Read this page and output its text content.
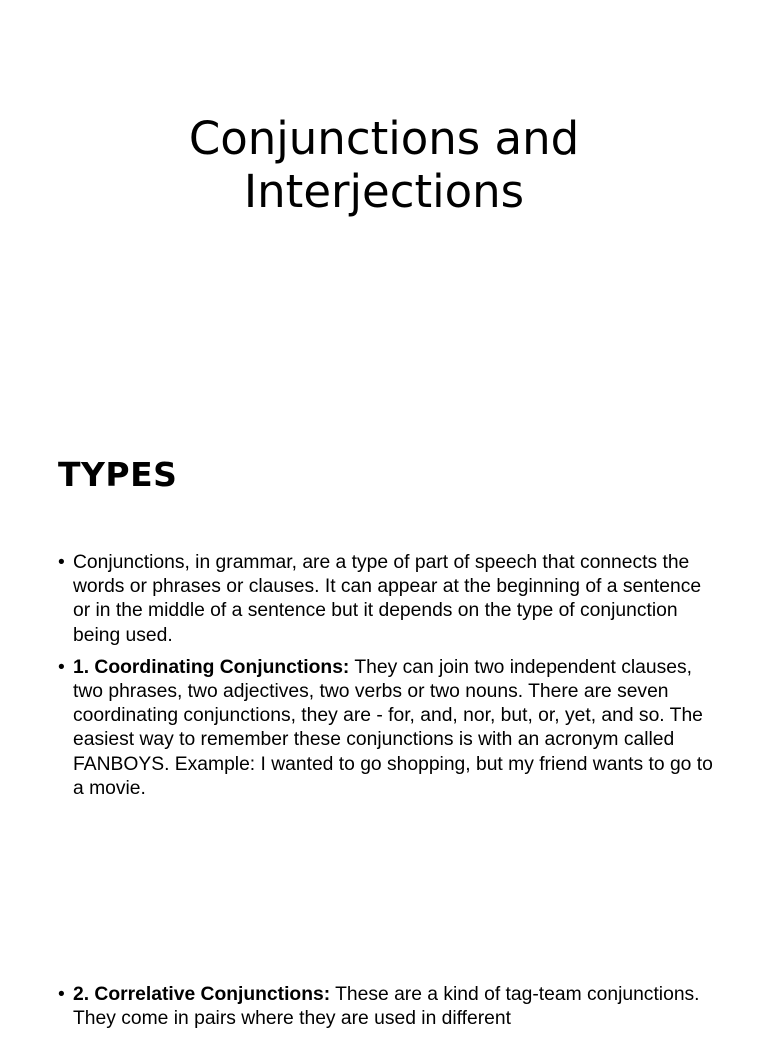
Conjunctions and
Interjections
TYPES
• Conjunctions, in grammar, are a type of part of speech that connects the words or phrases or clauses. It can appear at the beginning of a sentence or in the middle of a sentence but it depends on the type of conjunction being used.
• 1. Coordinating Conjunctions: They can join two independent clauses, two phrases, two adjectives, two verbs or two nouns. There are seven coordinating conjunctions, they are - for, and, nor, but, or, yet, and so. The easiest way to remember these conjunctions is with an acronym called FANBOYS. Example: I wanted to go shopping, but my friend wants to go to a movie.
• 2. Correlative Conjunctions: These are a kind of tag-team conjunctions. They come in pairs where they are used in different
